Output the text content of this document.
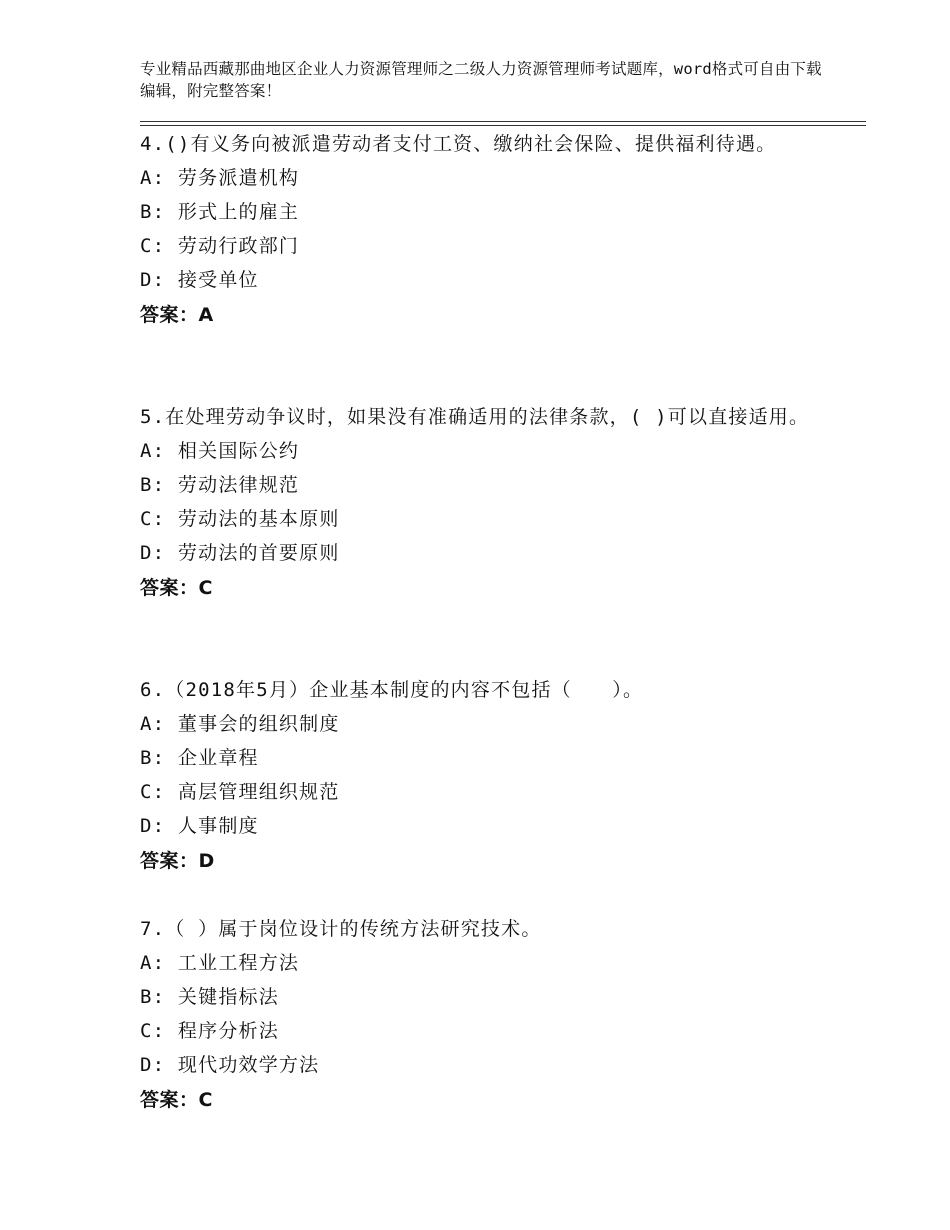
专业精品西藏那曲地区企业人力资源管理师之二级人力资源管理师考试题库，word格式可自由下载编辑，附完整答案！

4.()有义务向被派遣劳动者支付工资、缴纳社会保险、提供福利待遇。

A: 劳务派遣机构
B: 形式上的雇主
C: 劳动行政部门
D: 接受单位
答案：A

5.在处理劳动争议时，如果没有准确适用的法律条款，( )可以直接适用。

A: 相关国际公约
B: 劳动法律规范
C: 劳动法的基本原则
D: 劳动法的首要原则
答案：C

6.（2018年5月）企业基本制度的内容不包括（　　）。

A: 董事会的组织制度
B: 企业章程
C: 高层管理组织规范
D: 人事制度
答案：D

7.（ ）属于岗位设计的传统方法研究技术。

A: 工业工程方法
B: 关键指标法
C: 程序分析法
D: 现代功效学方法
答案：C
